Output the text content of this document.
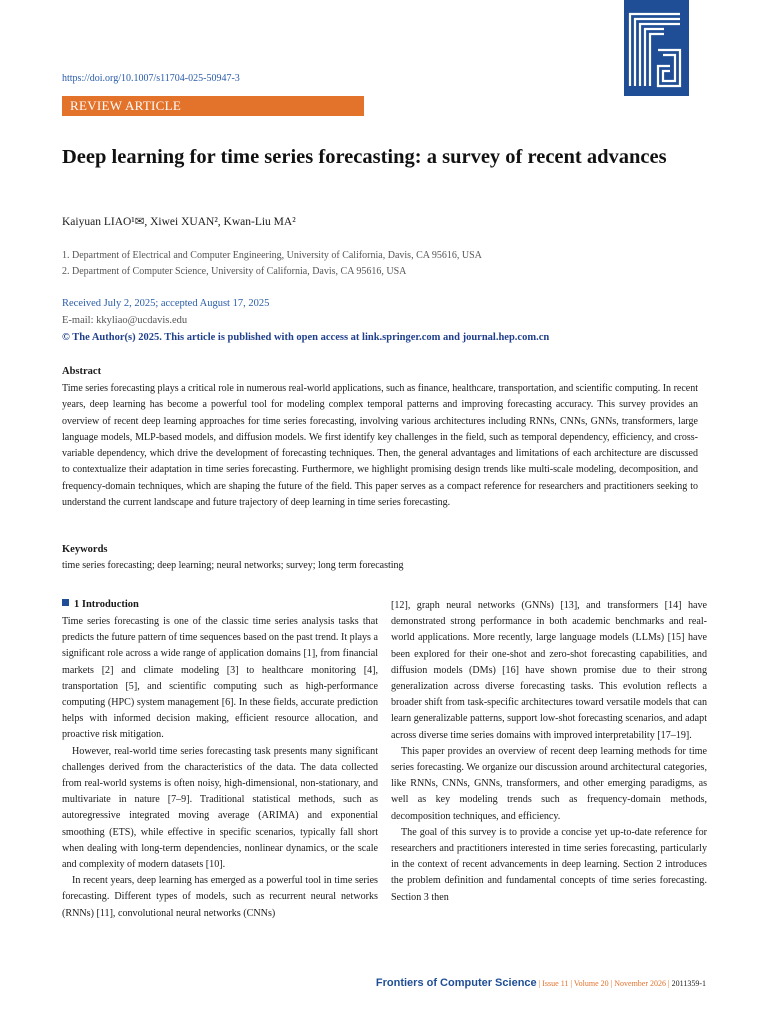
https://doi.org/10.1007/s11704-025-50947-3
REVIEW ARTICLE
Deep learning for time series forecasting: a survey of recent advances
Kaiyuan LIAO¹✉, Xiwei XUAN², Kwan-Liu MA²
1. Department of Electrical and Computer Engineering, University of California, Davis, CA 95616, USA
2. Department of Computer Science, University of California, Davis, CA 95616, USA
Received July 2, 2025; accepted August 17, 2025
E-mail: kkyliao@ucdavis.edu
© The Author(s) 2025. This article is published with open access at link.springer.com and journal.hep.com.cn
Abstract
Time series forecasting plays a critical role in numerous real-world applications, such as finance, healthcare, transportation, and scientific computing. In recent years, deep learning has become a powerful tool for modeling complex temporal patterns and improving forecasting accuracy. This survey provides an overview of recent deep learning approaches for time series forecasting, involving various architectures including RNNs, CNNs, GNNs, transformers, large language models, MLP-based models, and diffusion models. We first identify key challenges in the field, such as temporal dependency, efficiency, and cross-variable dependency, which drive the development of forecasting techniques. Then, the general advantages and limitations of each architecture are discussed to contextualize their adaptation in time series forecasting. Furthermore, we highlight promising design trends like multi-scale modeling, decomposition, and frequency-domain techniques, which are shaping the future of the field. This paper serves as a compact reference for researchers and practitioners seeking to understand the current landscape and future trajectory of deep learning in time series forecasting.
Keywords
time series forecasting; deep learning; neural networks; survey; long term forecasting
1 Introduction

Time series forecasting is one of the classic time series analysis tasks that predicts the future pattern of time sequences based on the past trend. It plays a significant role across a wide range of application domains [1], from financial markets [2] and climate modeling [3] to healthcare monitoring [4], transportation [5], and scientific computing such as high-performance computing (HPC) system management [6]. In these fields, accurate prediction helps with informed decision making, efficient resource allocation, and proactive risk mitigation.

However, real-world time series forecasting task presents many significant challenges derived from the characteristics of the data. The data collected from real-world systems is often noisy, high-dimensional, non-stationary, and multivariate in nature [7–9]. Traditional statistical methods, such as autoregressive integrated moving average (ARIMA) and exponential smoothing (ETS), while effective in specific scenarios, typically fall short when dealing with long-term dependencies, nonlinear dynamics, or the scale and complexity of modern datasets [10].

In recent years, deep learning has emerged as a powerful tool in time series forecasting. Different types of models, such as recurrent neural networks (RNNs) [11], convolutional neural networks (CNNs)

[12], graph neural networks (GNNs) [13], and transformers [14] have demonstrated strong performance in both academic benchmarks and real-world applications. More recently, large language models (LLMs) [15] have been explored for their one-shot and zero-shot forecasting capabilities, and diffusion models (DMs) [16] have shown promise due to their strong generalization across diverse forecasting tasks. This evolution reflects a broader shift from task-specific architectures toward versatile models that can learn generalizable patterns, support low-shot forecasting scenarios, and adapt across diverse time series domains with improved interpretability [17–19].

This paper provides an overview of recent deep learning methods for time series forecasting. We organize our discussion around architectural categories, like RNNs, CNNs, GNNs, transformers, and other emerging paradigms, as well as key modeling trends such as frequency-domain methods, decomposition techniques, and efficiency.

The goal of this survey is to provide a concise yet up-to-date reference for researchers and practitioners interested in time series forecasting, particularly in the context of recent advancements in deep learning. Section 2 introduces the problem definition and fundamental concepts of time series forecasting. Section 3 then

Frontiers of Computer Science | Issue 11 | Volume 20 | November 2026 | 2011359-1
